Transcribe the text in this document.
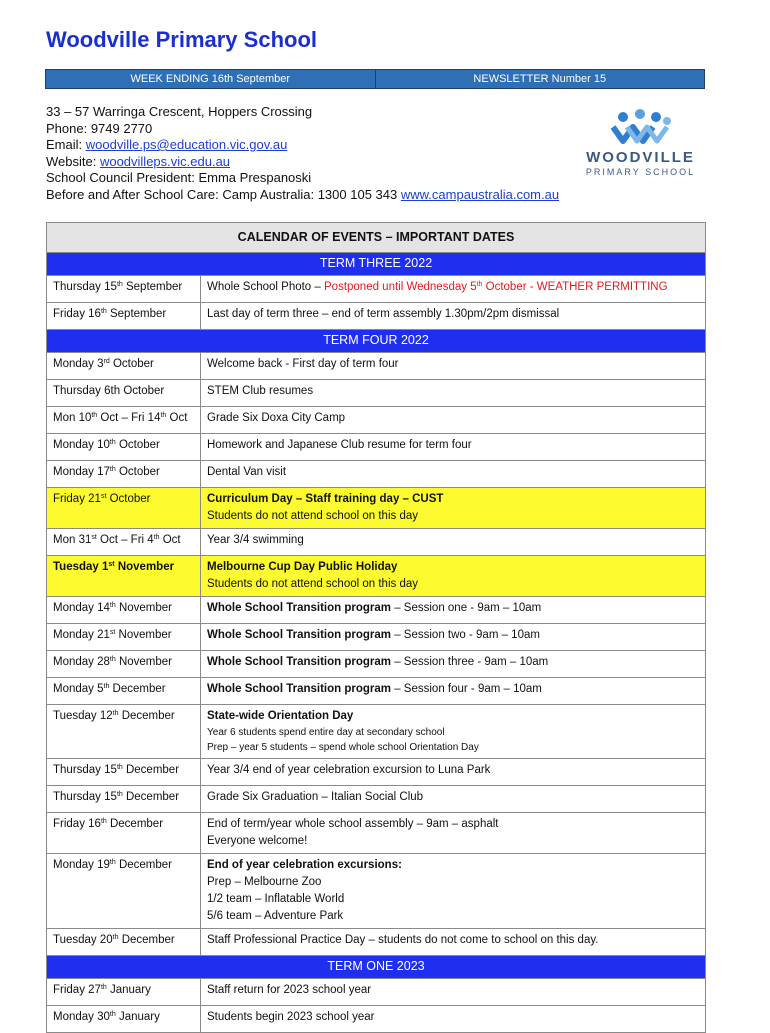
Woodville Primary School
WEEK ENDING 16th September	NEWSLETTER Number 15
33 – 57 Warringa Crescent, Hoppers Crossing
Phone: 9749 2770
Email: woodville.ps@education.vic.gov.au
Website: woodvilleps.vic.edu.au
School Council President: Emma Prespanoski
Before and After School Care: Camp Australia: 1300 105 343 www.campaustralia.com.au
WOODVILLE
PRIMARY SCHOOL
CALENDAR OF EVENTS – IMPORTANT DATES	
TERM THREE 2022	
Thursday 15th September	Whole School Photo – Postponed until Wednesday 5th October - WEATHER PERMITTING
Friday 16th September	Last day of term three – end of term assembly 1.30pm/2pm dismissal
TERM FOUR 2022	
Monday 3rd October	Welcome back - First day of term four
Thursday 6th October	STEM Club resumes
Mon 10th Oct – Fri 14th Oct	Grade Six Doxa City Camp
Monday 10th October	Homework and Japanese Club resume for term four
Monday 17th October	Dental Van visit
Friday 21st October	Curriculum Day – Staff training day – CUST
Students do not attend school on this day

Mon 31st Oct – Fri 4th Oct	Year 3/4 swimming
Tuesday 1st November	Melbourne Cup Day Public Holiday
Students do not attend school on this day

Monday 14th November	Whole School Transition program – Session one - 9am – 10am
Monday 21st November	Whole School Transition program – Session two - 9am – 10am
Monday 28th November	Whole School Transition program – Session three - 9am – 10am
Monday 5th December	Whole School Transition program – Session four - 9am – 10am
Tuesday 12th December	State-wide Orientation Day
Year 6 students spend entire day at secondary school
Prep – year 5 students – spend whole school Orientation Day

Thursday 15th December	Year 3/4 end of year celebration excursion to Luna Park
Thursday 15th December	Grade Six Graduation – Italian Social Club
Friday 16th December	End of term/year whole school assembly – 9am – asphalt
Everyone welcome!

Monday 19th December	End of year celebration excursions:
Prep – Melbourne Zoo
1/2 team – Inflatable World
5/6 team – Adventure Park

Tuesday 20th December	Staff Professional Practice Day – students do not come to school on this day.
TERM ONE 2023	
Friday 27th January	Staff return for 2023 school year
Monday 30th January	Students begin 2023 school year
